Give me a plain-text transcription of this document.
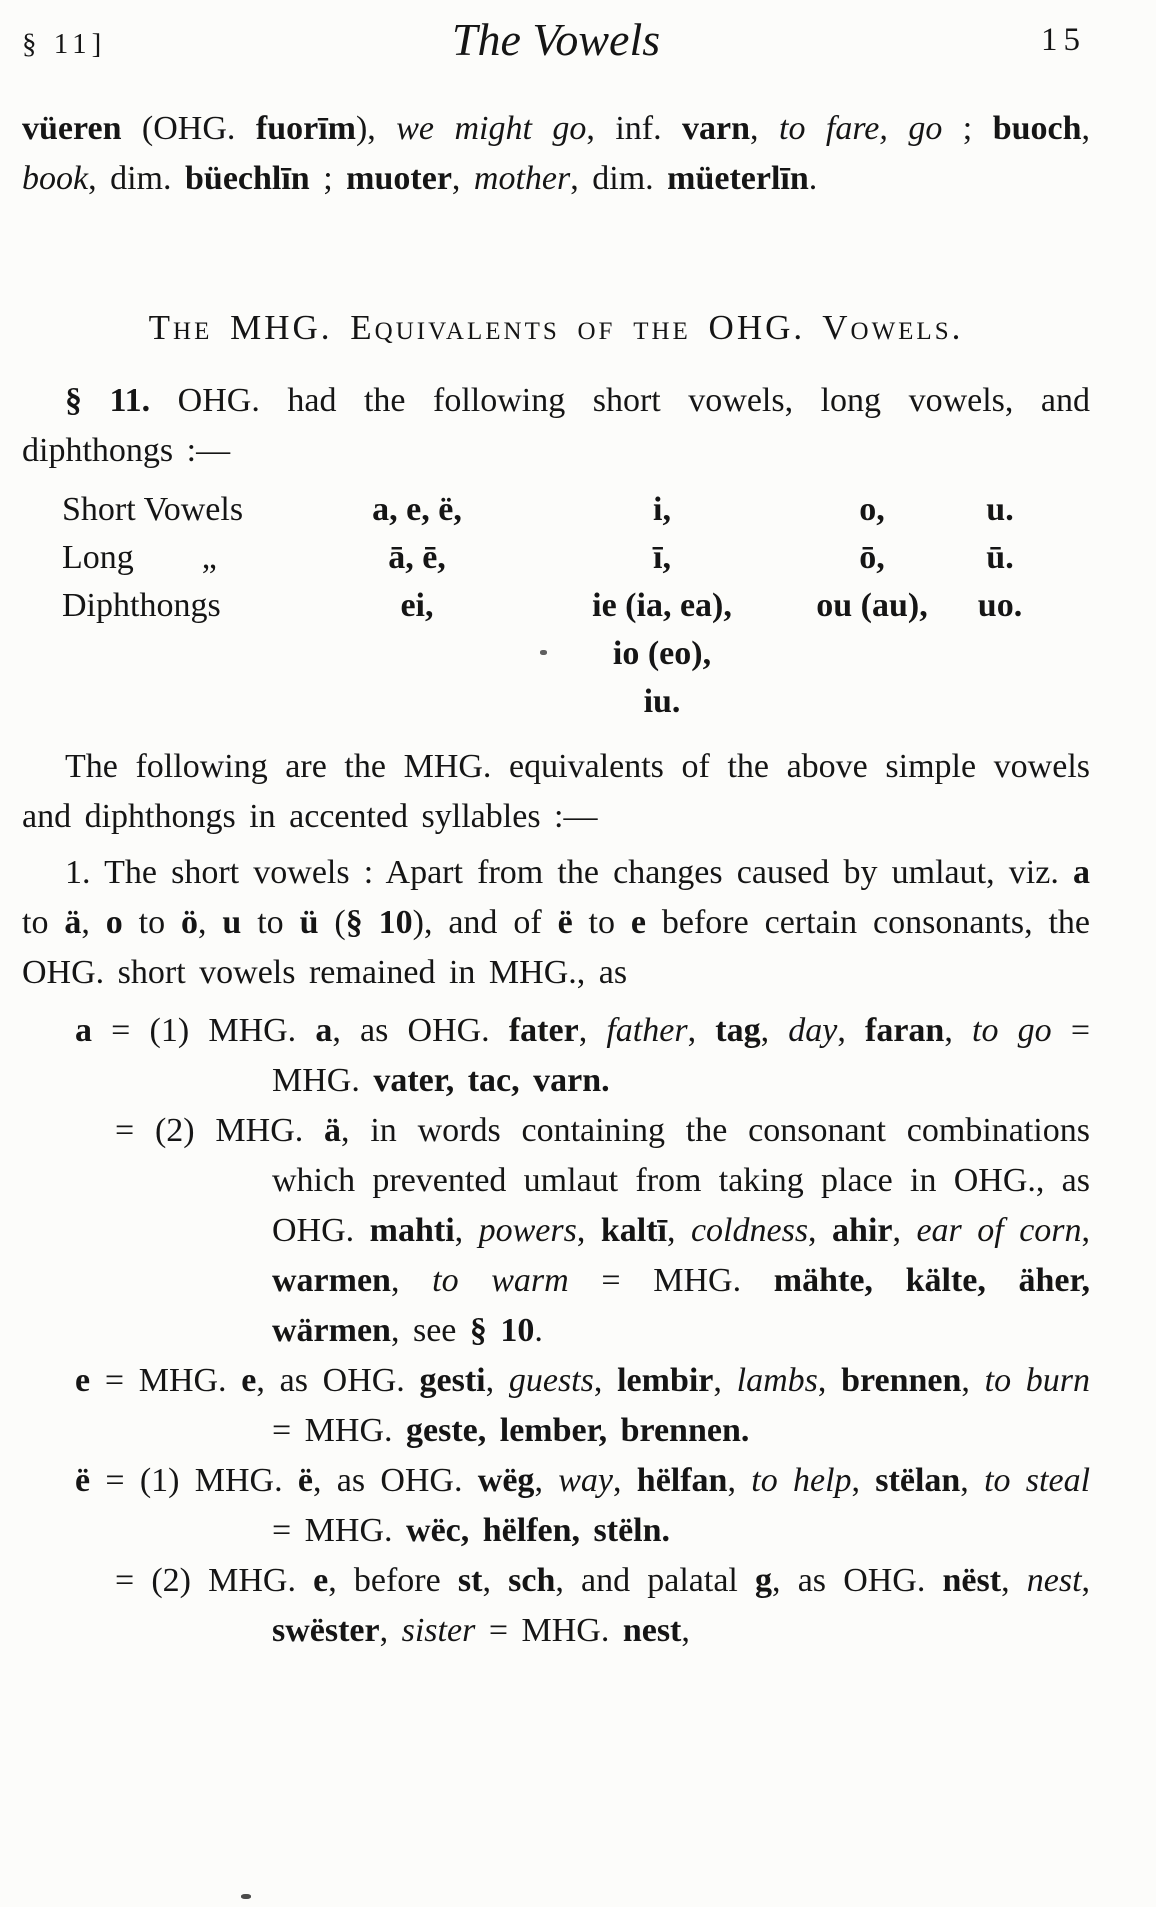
§ 11]	The Vowels	15

vüeren (OHG. fuorīm), we might go, inf. varn, to fare, go ; buoch, book, dim. büechlīn ; muoter, mother, dim. müeterlīn.

The MHG. Equivalents of the OHG. Vowels.

§ 11. OHG. had the following short vowels, long vowels, and diphthongs :—

Short Vowels	a, e, ë,	i,	o,	u.
Long        „	ā, ē,	ī,	ō,	ū.
Diphthongs	ei,	ie (ia, ea),	ou (au),	uo.
io (eo),
iu.

The following are the MHG. equivalents of the above simple vowels and diphthongs in accented syllables :—

1. The short vowels : Apart from the changes caused by umlaut, viz. a to ä, o to ö, u to ü (§ 10), and of ë to e before certain consonants, the OHG. short vowels remained in MHG., as

a = (1) MHG. a, as OHG. fater, father, tag, day, faran, to go = MHG. vater, tac, varn.
= (2) MHG. ä, in words containing the consonant combinations which prevented umlaut from taking place in OHG., as OHG. mahti, powers, kaltī, coldness, ahir, ear of corn, warmen, to warm = MHG. mähte, kälte, äher, wärmen, see § 10.
e = MHG. e, as OHG. gesti, guests, lembir, lambs, brennen, to burn = MHG. geste, lember, brennen.
ë = (1) MHG. ë, as OHG. wëg, way, hëlfan, to help, stëlan, to steal = MHG. wëc, hëlfen, stëln.
= (2) MHG. e, before st, sch, and palatal g, as OHG. nëst, nest, swëster, sister = MHG. nest,
